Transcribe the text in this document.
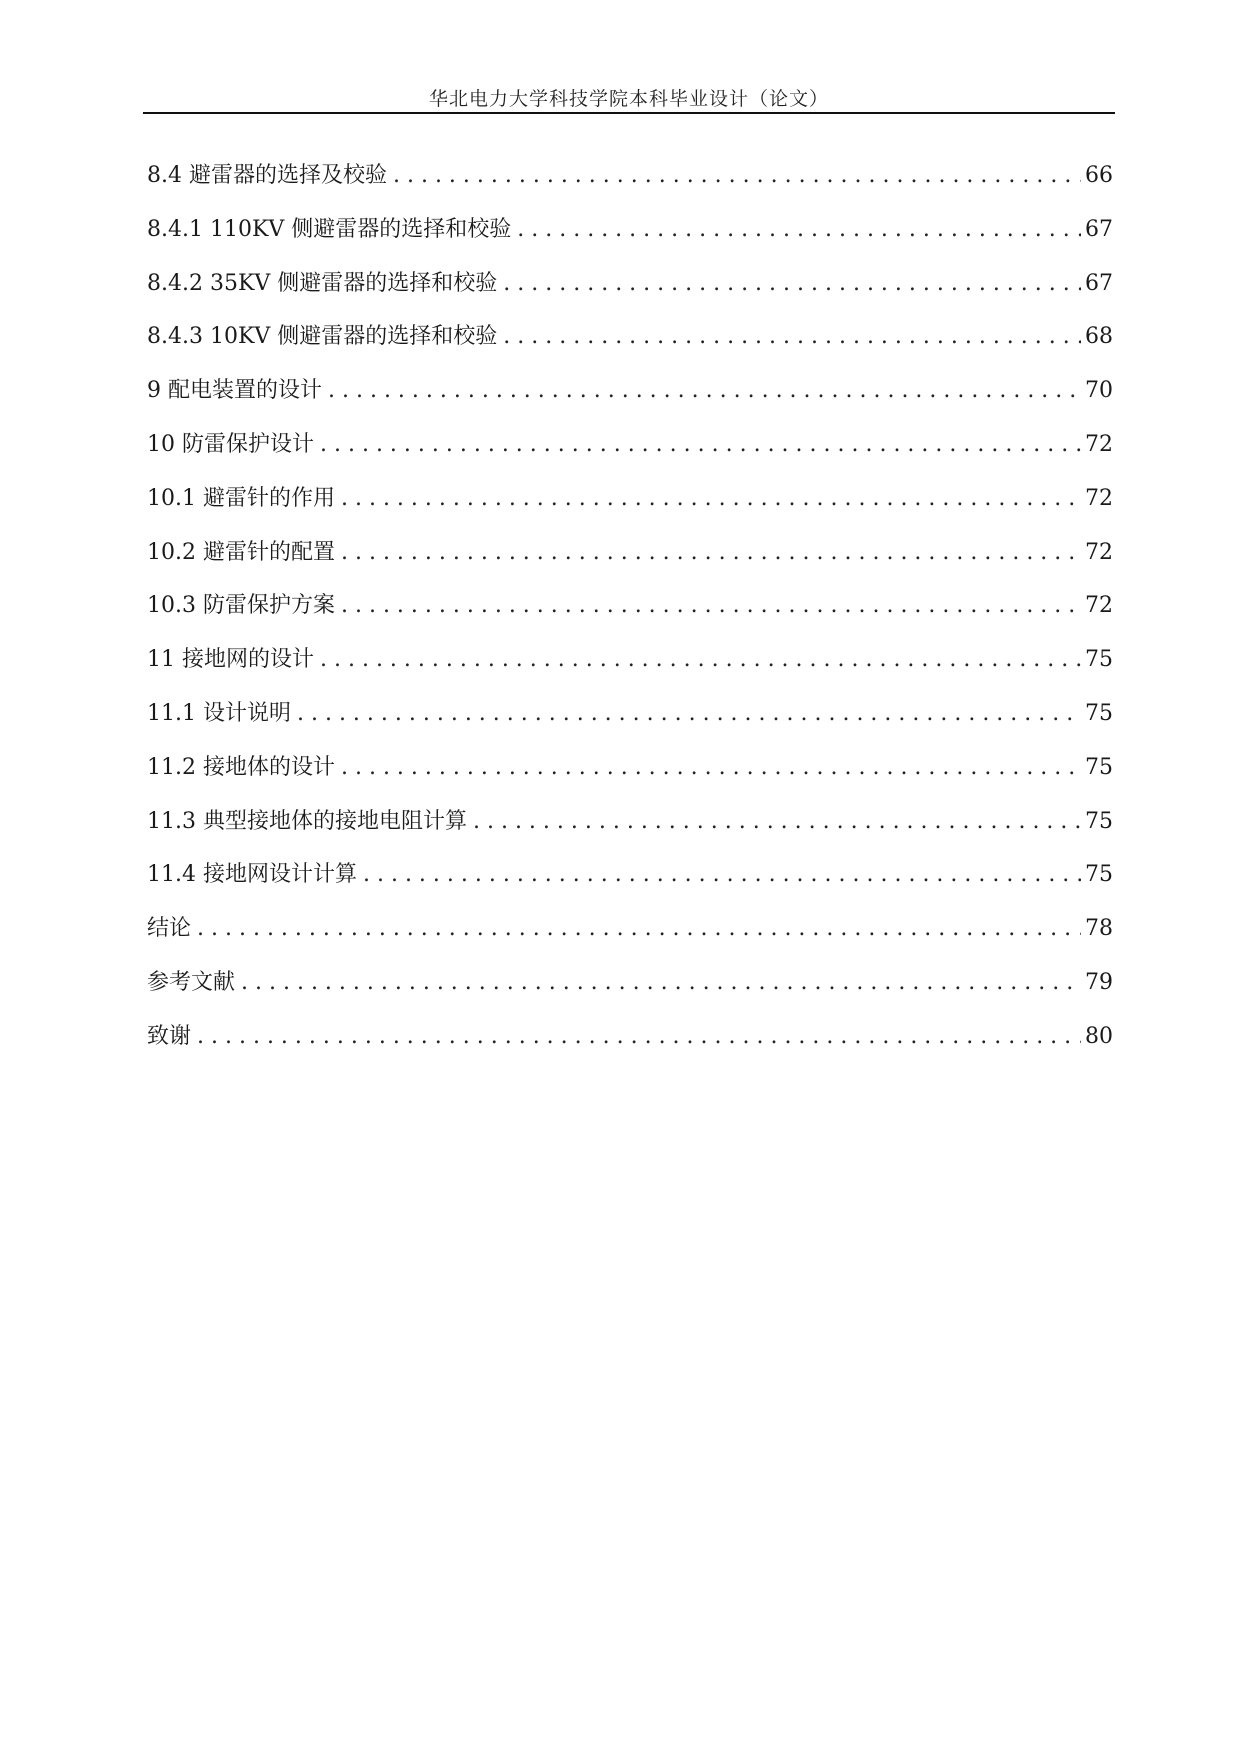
华北电力大学科技学院本科毕业设计（论文）
8.4 避雷器的选择及校验 . . .	66
8.4.1 110KV 侧避雷器的选择和校验 . . .	67
8.4.2 35KV 侧避雷器的选择和校验 . . .	67
8.4.3 10KV 侧避雷器的选择和校验 . . .	68
9 配电装置的设计 . . .	70
10 防雷保护设计 . . .	72
10.1 避雷针的作用 . . .	72
10.2 避雷针的配置 . . .	72
10.3 防雷保护方案 . . .	72
11 接地网的设计 . . .	75
11.1 设计说明 . . .	75
11.2 接地体的设计 . . .	75
11.3 典型接地体的接地电阻计算 . . .	75
11.4 接地网设计计算 . . .	75
结论 . . .	78
参考文献 . . .	79
致谢 . . .	80
